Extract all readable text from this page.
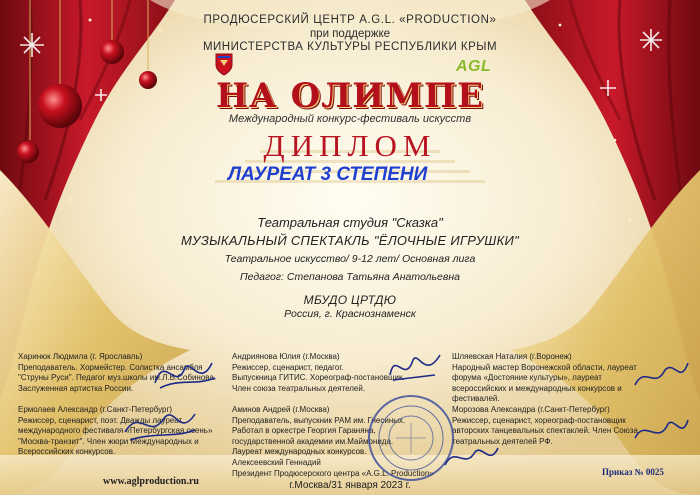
AGL
ПРОДЮСЕРСКИЙ ЦЕНТР A.G.L. «PRODUCTION»
при поддержке
МИНИСТЕРСТВА КУЛЬТУРЫ РЕСПУБЛИКИ КРЫМ
НА ОЛИМПЕ
Международный конкурс-фестиваль искусств
ДИПЛОМ
ЛАУРЕАТ 3 СТЕПЕНИ
Театральная студия "Сказка"
МУЗЫКАЛЬНЫЙ СПЕКТАКЛЬ "ЁЛОЧНЫЕ ИГРУШКИ"
Театральное искусство/ 9-12 лет/ Основная лига
Педагог: Степанова Татьяна Анатольевна
МБУДО ЦРТДЮ
Россия, г. Краснознаменск
Харинюк Людмила (г. Ярославль)
Преподаватель. Хормейстер. Солистка ансамбля
"Струны Руси". Педагог муз.школы им.Л.В.Собинова.
Заслуженная артистка России.
Андриянова Юлия (г.Москва)
Режиссер, сценарист, педагог.
Выпускница ГИТИС. Хореограф-постановщик.
Член союза театральных деятелей.
Шляевская Наталия (г.Воронеж)
Народный мастер Воронежской области, лауреат
форума «Достояние культуры», лауреат
всероссийских и международных конкурсов и
фестивалей.
Ермолаев Александр (г.Санкт-Петербург)
Режиссер, сценарист, поэт. Дважды лауреат
международного фестиваля «Петербургская осень»
"Москва-транзит". Член жюри Международных и
Всероссийских конкурсов.
Аминов Андрей (г.Москва)
Преподаватель, выпускник РАМ им. Гнесиных.
Работал в оркестре Георгия Гараняна,
государственной академии им.Маймонида.
Лауреат международных конкурсов.
Морозова Александра (г.Санкт-Петербург)
Режиссер, сценарист, хореограф-постановщик
авторских танцевальных спектаклей. Член Союза
театральных деятелей РФ.
Алексеевский Геннадий
Президент Продюсерского центра «A.G.L. Production»
www.aglproduction.ru	г.Москва/31 января 2023 г.
Приказ № 0025
